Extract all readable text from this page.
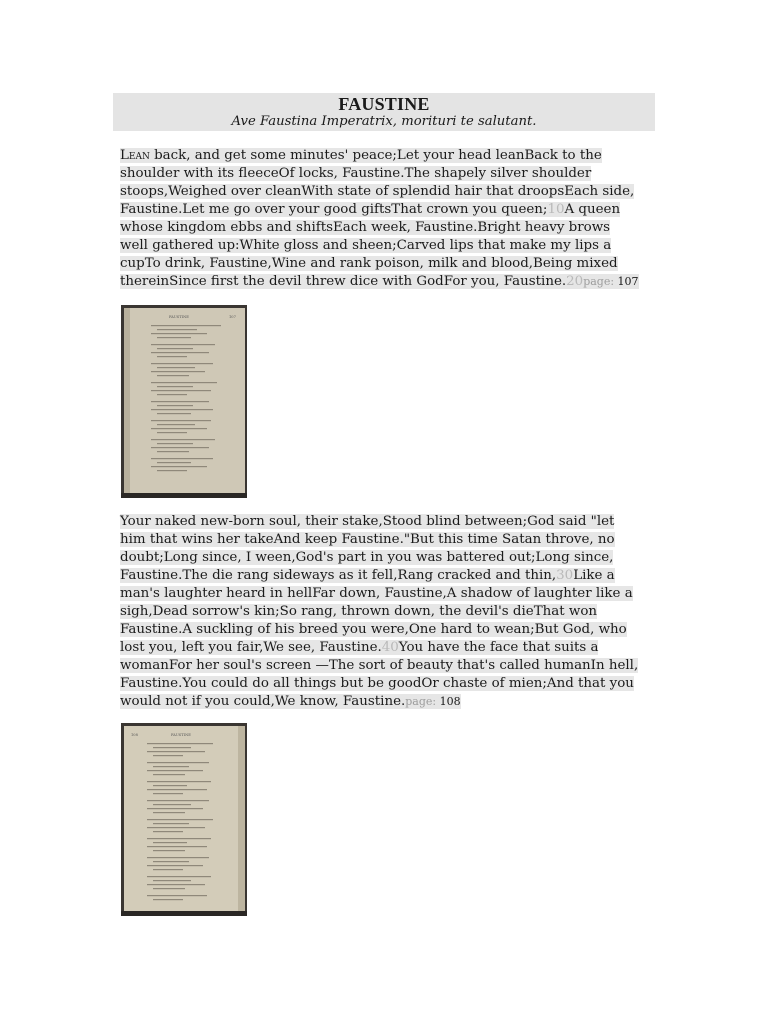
FAUSTINE
Ave Faustina Imperatrix, morituri te salutant.

Lean back, and get some minutes' peace;Let your head leanBack to the shoulder with its fleeceOf locks, Faustine.The shapely silver shoulder stoops,Weighed over cleanWith state of splendid hair that droopsEach side, Faustine.Let me go over your good giftsThat crown you queen;10A queen whose kingdom ebbs and shiftsEach week, Faustine.Bright heavy brows well gathered up:White gloss and sheen;Carved lips that make my lips a cupTo drink, Faustine,Wine and rank poison, milk and blood,Being mixed thereinSince first the devil threw dice with GodFor you, Faustine.20page: 107

FAUSTINE	107

Your naked new-born soul, their stake,Stood blind between;God said "let him that wins her takeAnd keep Faustine."But this time Satan throve, no doubt;Long since, I ween,God's part in you was battered out;Long since, Faustine.The die rang sideways as it fell,Rang cracked and thin,30Like a man's laughter heard in hellFar down, Faustine,A shadow of laughter like a sigh,Dead sorrow's kin;So rang, thrown down, the devil's dieThat won Faustine.A suckling of his breed you were,One hard to wean;But God, who lost you, left you fair,We see, Faustine.40You have the face that suits a womanFor her soul's screen —The sort of beauty that's called humanIn hell, Faustine.You could do all things but be goodOr chaste of mien;And that you would not if you could,We know, Faustine.page: 108

108	FAUSTINE
